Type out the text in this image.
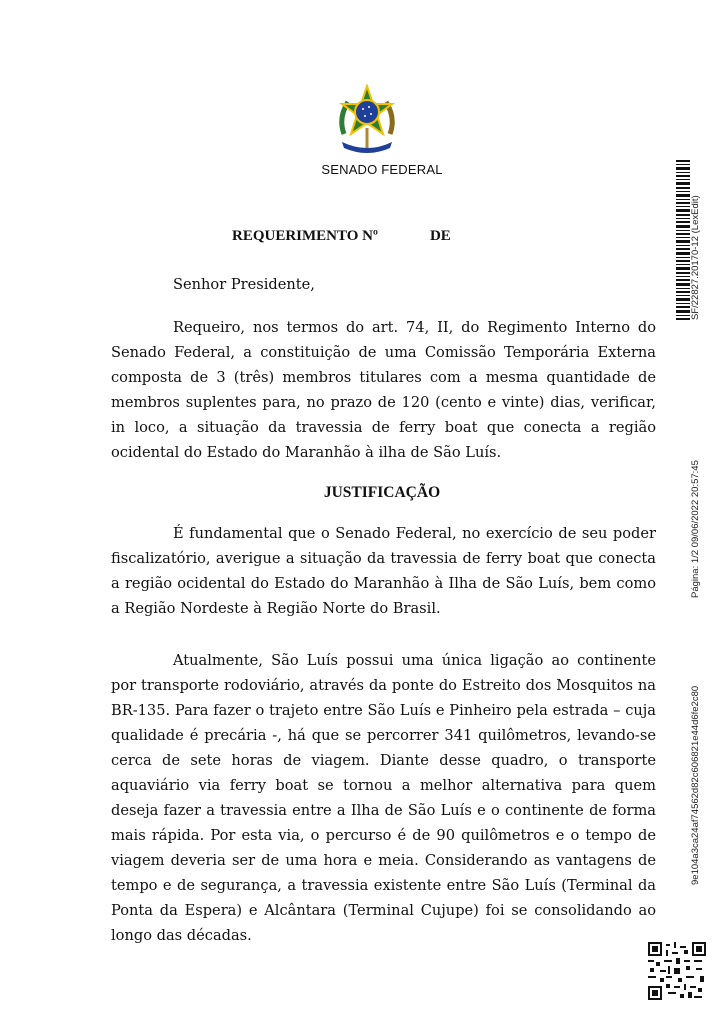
SENADO FEDERAL
REQUERIMENTO Nº	DE
Senhor Presidente,
Requeiro, nos termos do art. 74, II, do Regimento Interno do Senado Federal, a constituição de uma Comissão Temporária Externa composta de 3 (três) membros titulares com a mesma quantidade de membros suplentes para, no prazo de 120 (cento e vinte) dias, verificar, in loco, a situação da travessia de ferry boat que conecta a região ocidental do Estado do Maranhão à ilha de São Luís.
JUSTIFICAÇÃO
É fundamental que o Senado Federal, no exercício de seu poder fiscalizatório, averigue a situação da travessia de ferry boat que conecta a região ocidental do Estado do Maranhão à Ilha de São Luís, bem como a Região Nordeste à Região Norte do Brasil.
Atualmente, São Luís possui uma única ligação ao continente por transporte rodoviário, através da ponte do Estreito dos Mosquitos na BR-135. Para fazer o trajeto entre São Luís e Pinheiro pela estrada – cuja qualidade é precária -, há que se percorrer 341 quilômetros, levando-se cerca de sete horas de viagem. Diante desse quadro, o transporte aquaviário via ferry boat se tornou a melhor alternativa para quem deseja fazer a travessia entre a Ilha de São Luís e o continente de forma mais rápida. Por esta via, o percurso é de 90 quilômetros e o tempo de viagem deveria ser de uma hora e meia. Considerando as vantagens de tempo e de segurança, a travessia existente entre São Luís (Terminal da Ponta da Espera) e Alcântara (Terminal Cujupe) foi se consolidando ao longo das décadas.
SF/22827.20170-12 (LexEdit)
Página: 1/2 09/06/2022 20:57:45
9e104a3ca24af74562d82c606821e44d6fe2c80
